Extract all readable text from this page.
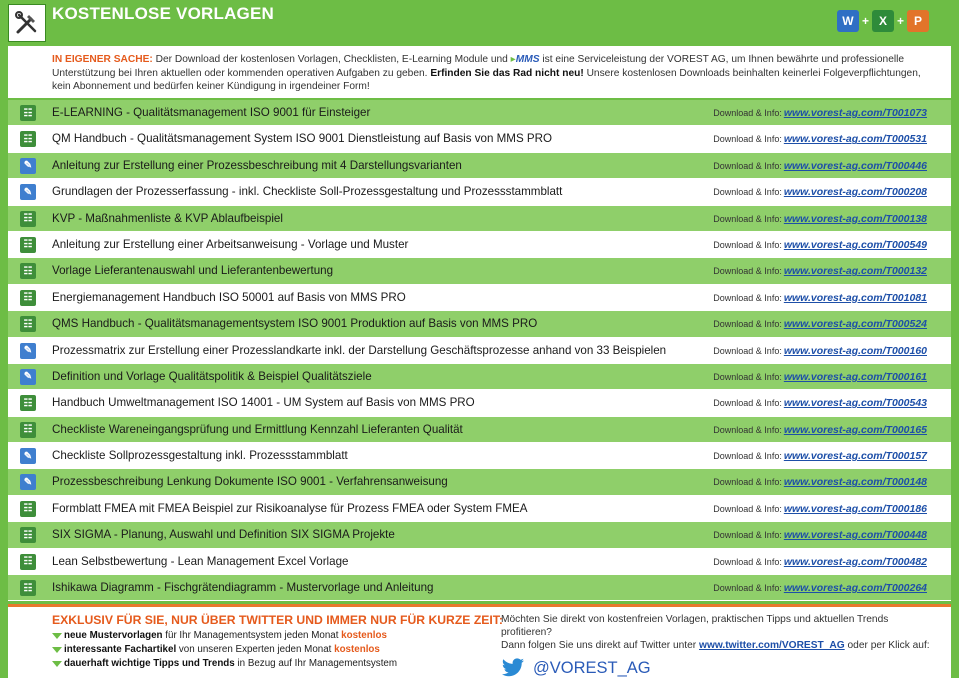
KOSTENLOSE VORLAGEN	W + X + P
IN EIGENER SACHE: Der Download der kostenlosen Vorlagen, Checklisten, E-Learning Module und ▸MMS ist eine Serviceleistung der VOREST AG, um Ihnen bewährte und professionelle Unterstützung bei Ihren aktuellen oder kommenden operativen Aufgaben zu geben. Erfinden Sie das Rad nicht neu! Unsere kostenlosen Downloads beinhalten keinerlei Folgeverpflichtungen, kein Abonnement und bedürfen keiner Kündigung in irgendeiner Form!
☷	E-LEARNING - Qualitätsmanagement ISO 9001 für Einsteiger	Download & Info: www.vorest-ag.com/T001073
☷	QM Handbuch - Qualitätsmanagement System ISO 9001 Dienstleistung auf Basis von MMS PRO	Download & Info: www.vorest-ag.com/T000531
✎	Anleitung zur Erstellung einer Prozessbeschreibung mit 4 Darstellungsvarianten	Download & Info: www.vorest-ag.com/T000446
✎	Grundlagen der Prozesserfassung - inkl. Checkliste Soll-Prozessgestaltung und Prozessstammblatt	Download & Info: www.vorest-ag.com/T000208
☷	KVP - Maßnahmenliste & KVP Ablaufbeispiel	Download & Info: www.vorest-ag.com/T000138
☷	Anleitung zur Erstellung einer Arbeitsanweisung - Vorlage und Muster	Download & Info: www.vorest-ag.com/T000549
☷	Vorlage Lieferantenauswahl und Lieferantenbewertung	Download & Info: www.vorest-ag.com/T000132
☷	Energiemanagement Handbuch ISO 50001 auf Basis von MMS PRO	Download & Info: www.vorest-ag.com/T001081
☷	QMS Handbuch - Qualitätsmanagementsystem ISO 9001 Produktion auf Basis von MMS PRO	Download & Info: www.vorest-ag.com/T000524
✎	Prozessmatrix zur Erstellung einer Prozesslandkarte inkl. der Darstellung Geschäftsprozesse anhand von 33 Beispielen	Download & Info: www.vorest-ag.com/T000160
✎	Definition und Vorlage Qualitätspolitik & Beispiel Qualitätsziele	Download & Info: www.vorest-ag.com/T000161
☷	Handbuch Umweltmanagement ISO 14001 - UM System auf Basis von MMS PRO	Download & Info: www.vorest-ag.com/T000543
☷	Checkliste Wareneingangsprüfung und Ermittlung Kennzahl Lieferanten Qualität	Download & Info: www.vorest-ag.com/T000165
✎	Checkliste Sollprozessgestaltung inkl. Prozessstammblatt	Download & Info: www.vorest-ag.com/T000157
✎	Prozessbeschreibung Lenkung Dokumente ISO 9001 - Verfahrensanweisung	Download & Info: www.vorest-ag.com/T000148
☷	Formblatt FMEA mit FMEA Beispiel zur Risikoanalyse für Prozess FMEA oder System FMEA	Download & Info: www.vorest-ag.com/T000186
☷	SIX SIGMA - Planung, Auswahl und Definition SIX SIGMA Projekte	Download & Info: www.vorest-ag.com/T000448
☷	Lean Selbstbewertung - Lean Management Excel Vorlage	Download & Info: www.vorest-ag.com/T000482
☷	Ishikawa Diagramm - Fischgrätendiagramm - Mustervorlage und Anleitung	Download & Info: www.vorest-ag.com/T000264
EXKLUSIV FÜR SIE, NUR ÜBER TWITTER UND IMMER NUR FÜR KURZE ZEIT:
neue Mustervorlagen für Ihr Managementsystem jeden Monat kostenlos
interessante Fachartikel von unseren Experten jeden Monat kostenlos
dauerhaft wichtige Tipps und Trends in Bezug auf Ihr Managementsystem
Möchten Sie direkt von kostenfreien Vorlagen, praktischen Tipps und aktuellen Trends profitieren?
Dann folgen Sie uns direkt auf Twitter unter www.twitter.com/VOREST_AG oder per Klick auf:
@VOREST_AG
